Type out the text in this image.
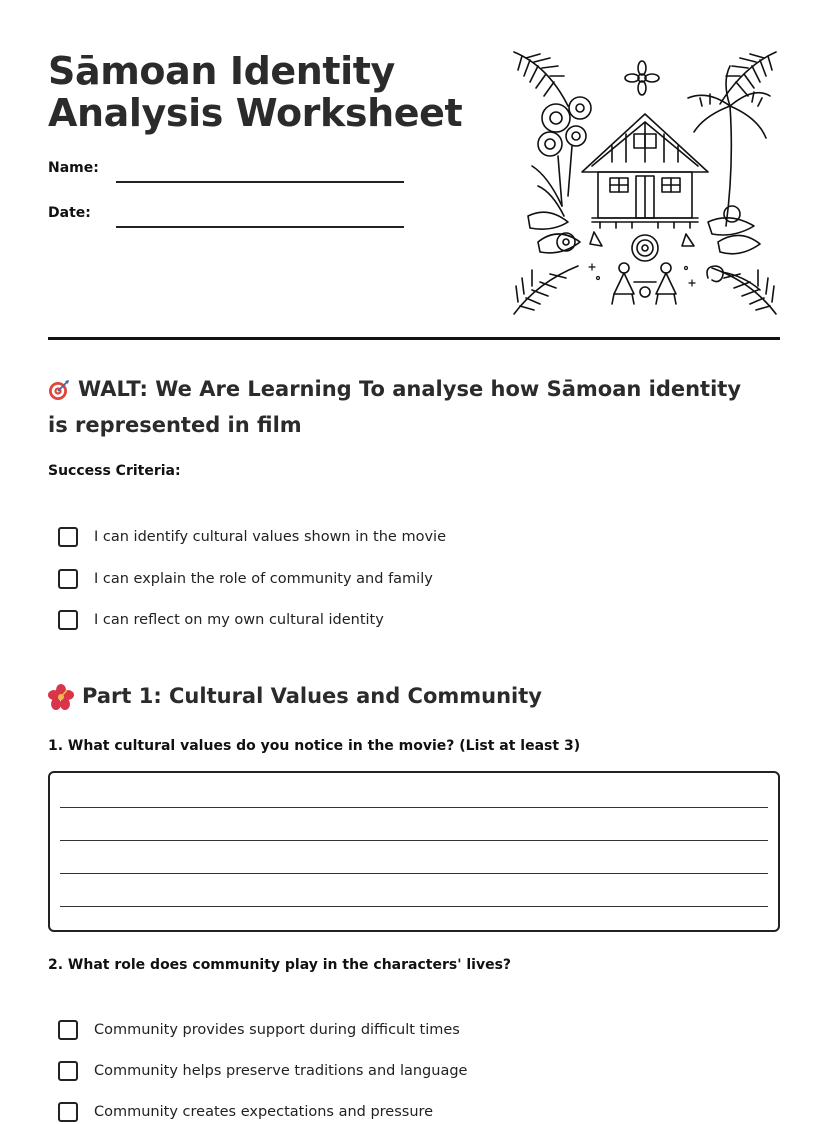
Sāmoan Identity
Analysis Worksheet
Name:
Date:
WALT: We Are Learning To analyse how Sāmoan identity is represented in film
Success Criteria:
I can identify cultural values shown in the movie
I can explain the role of community and family
I can reflect on my own cultural identity
Part 1: Cultural Values and Community
1. What cultural values do you notice in the movie? (List at least 3)
2. What role does community play in the characters' lives?
Community provides support during difficult times
Community helps preserve traditions and language
Community creates expectations and pressure
